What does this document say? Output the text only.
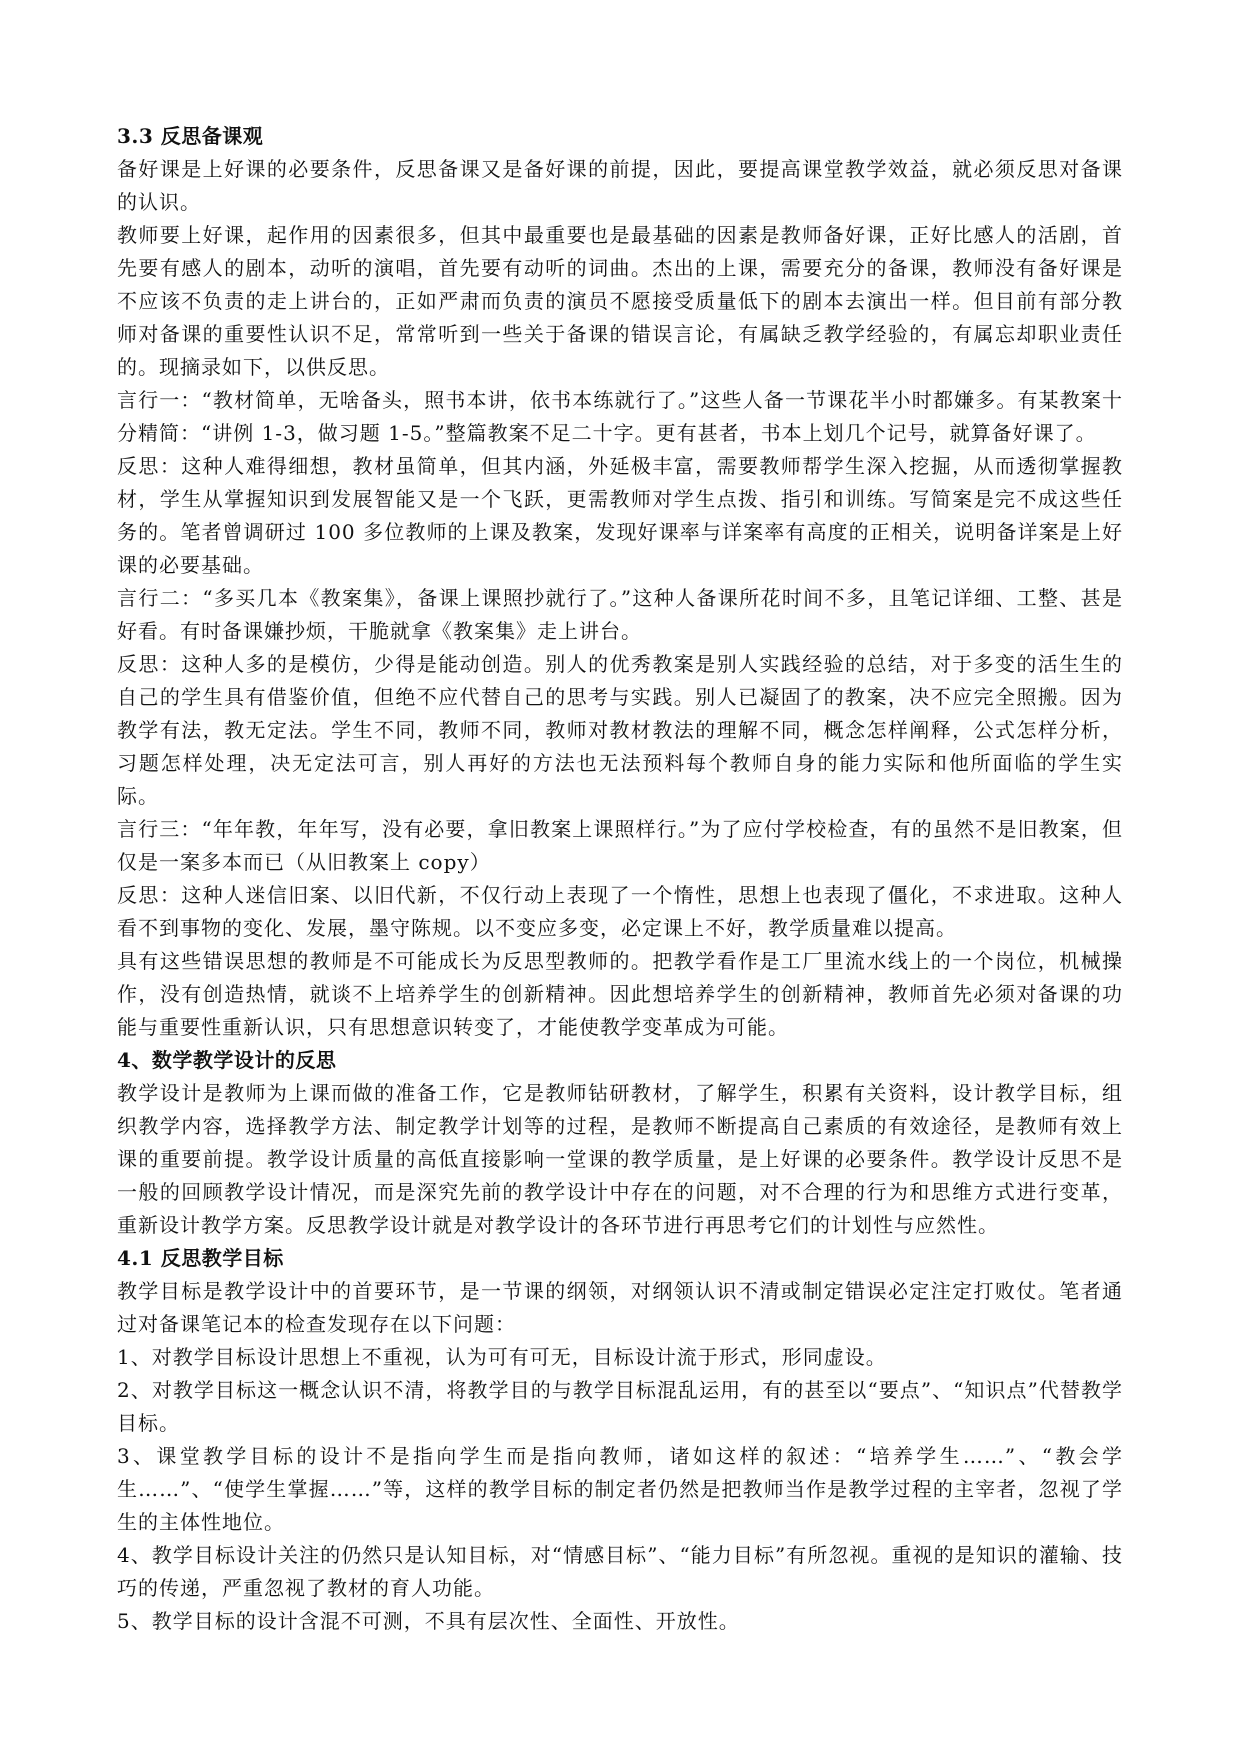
3.3 反思备课观

备好课是上好课的必要条件，反思备课又是备好课的前提，因此，要提高课堂教学效益，就必须反思对备课的认识。

教师要上好课，起作用的因素很多，但其中最重要也是最基础的因素是教师备好课，正好比感人的活剧，首先要有感人的剧本，动听的演唱，首先要有动听的词曲。杰出的上课，需要充分的备课，教师没有备好课是不应该不负责的走上讲台的，正如严肃而负责的演员不愿接受质量低下的剧本去演出一样。但目前有部分教师对备课的重要性认识不足，常常听到一些关于备课的错误言论，有属缺乏教学经验的，有属忘却职业责任的。现摘录如下，以供反思。

言行一：“教材简单，无啥备头，照书本讲，依书本练就行了。”这些人备一节课花半小时都嫌多。有某教案十分精简：“讲例 1-3，做习题 1-5。”整篇教案不足二十字。更有甚者，书本上划几个记号，就算备好课了。

反思：这种人难得细想，教材虽简单，但其内涵，外延极丰富，需要教师帮学生深入挖掘，从而透彻掌握教材，学生从掌握知识到发展智能又是一个飞跃，更需教师对学生点拨、指引和训练。写简案是完不成这些任务的。笔者曾调研过 100 多位教师的上课及教案，发现好课率与详案率有高度的正相关，说明备详案是上好课的必要基础。

言行二：“多买几本《教案集》，备课上课照抄就行了。”这种人备课所花时间不多，且笔记详细、工整、甚是好看。有时备课嫌抄烦，干脆就拿《教案集》走上讲台。

反思：这种人多的是模仿，少得是能动创造。别人的优秀教案是别人实践经验的总结，对于多变的活生生的自己的学生具有借鉴价值，但绝不应代替自己的思考与实践。别人已凝固了的教案，决不应完全照搬。因为教学有法，教无定法。学生不同，教师不同，教师对教材教法的理解不同，概念怎样阐释，公式怎样分析，习题怎样处理，决无定法可言，别人再好的方法也无法预料每个教师自身的能力实际和他所面临的学生实际。

言行三：“年年教，年年写，没有必要，拿旧教案上课照样行。”为了应付学校检查，有的虽然不是旧教案，但仅是一案多本而已（从旧教案上 copy）

反思：这种人迷信旧案、以旧代新，不仅行动上表现了一个惰性，思想上也表现了僵化，不求进取。这种人看不到事物的变化、发展，墨守陈规。以不变应多变，必定课上不好，教学质量难以提高。

具有这些错误思想的教师是不可能成长为反思型教师的。把教学看作是工厂里流水线上的一个岗位，机械操作，没有创造热情，就谈不上培养学生的创新精神。因此想培养学生的创新精神，教师首先必须对备课的功能与重要性重新认识，只有思想意识转变了，才能使教学变革成为可能。

4、数学教学设计的反思

教学设计是教师为上课而做的准备工作，它是教师钻研教材，了解学生，积累有关资料，设计教学目标，组织教学内容，选择教学方法、制定教学计划等的过程，是教师不断提高自己素质的有效途径，是教师有效上课的重要前提。教学设计质量的高低直接影响一堂课的教学质量，是上好课的必要条件。教学设计反思不是一般的回顾教学设计情况，而是深究先前的教学设计中存在的问题，对不合理的行为和思维方式进行变革，重新设计教学方案。反思教学设计就是对教学设计的各环节进行再思考它们的计划性与应然性。

4.1 反思教学目标

教学目标是教学设计中的首要环节，是一节课的纲领，对纲领认识不清或制定错误必定注定打败仗。笔者通过对备课笔记本的检查发现存在以下问题：

1、对教学目标设计思想上不重视，认为可有可无，目标设计流于形式，形同虚设。

2、对教学目标这一概念认识不清，将教学目的与教学目标混乱运用，有的甚至以“要点”、“知识点”代替教学目标。

3、课堂教学目标的设计不是指向学生而是指向教师，诸如这样的叙述：“培养学生……”、“教会学生……”、“使学生掌握……”等，这样的教学目标的制定者仍然是把教师当作是教学过程的主宰者，忽视了学生的主体性地位。

4、教学目标设计关注的仍然只是认知目标，对“情感目标”、“能力目标”有所忽视。重视的是知识的灌输、技巧的传递，严重忽视了教材的育人功能。

5、教学目标的设计含混不可测，不具有层次性、全面性、开放性。
